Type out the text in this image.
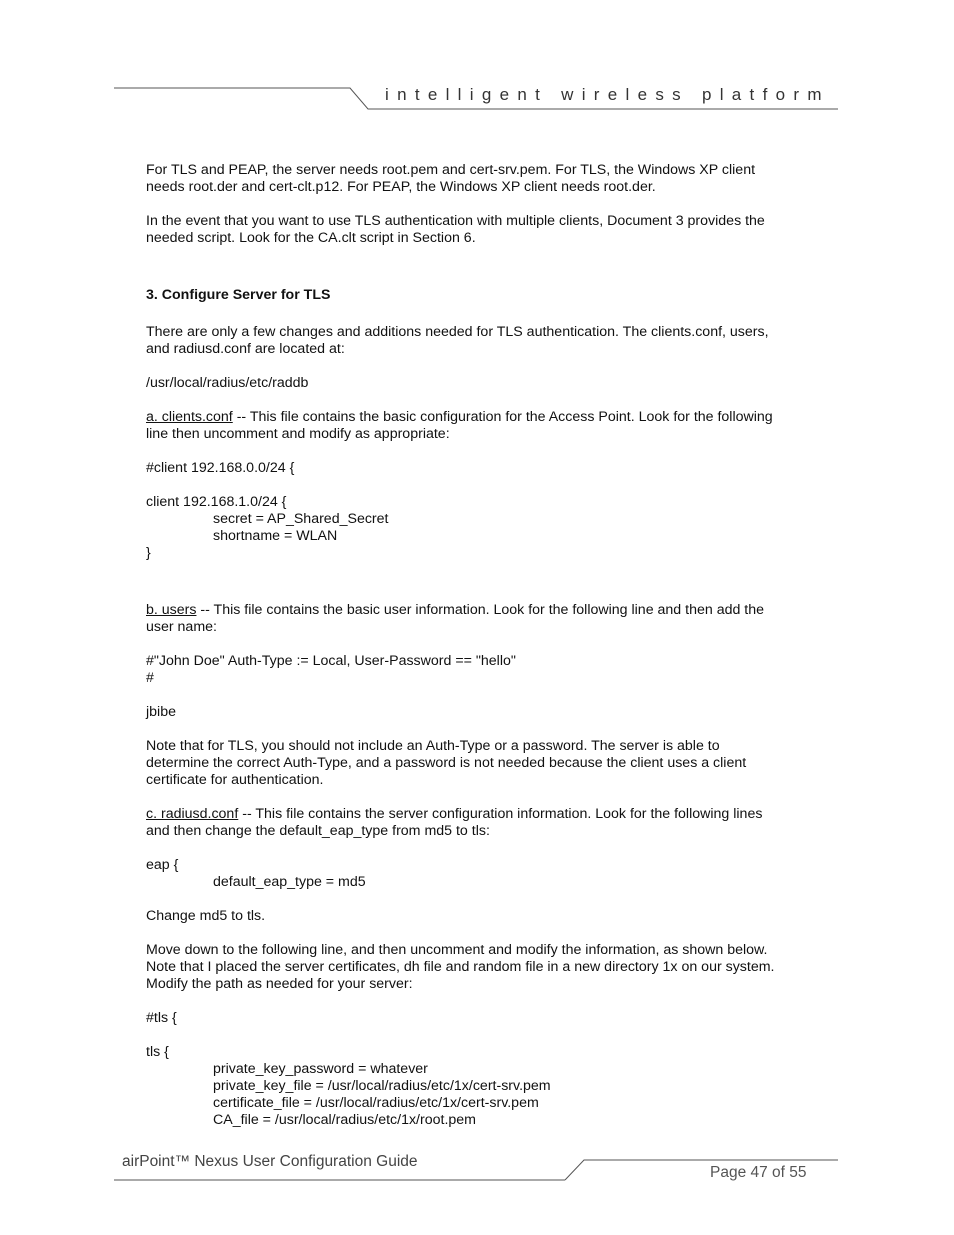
intelligent wireless platform

For TLS and PEAP, the server needs root.pem and cert-srv.pem. For TLS, the Windows XP client

needs root.der and cert-clt.p12. For PEAP, the Windows XP client needs root.der.

In the event that you want to use TLS authentication with multiple clients, Document 3 provides the

needed script. Look for the CA.clt script in Section 6.

3. Configure Server for TLS

There are only a few changes and additions needed for TLS authentication. The clients.conf, users,

and radiusd.conf are located at:

/usr/local/radius/etc/raddb

a. clients.conf -- This file contains the basic configuration for the Access Point. Look for the following

line then uncomment and modify as appropriate:

#client 192.168.0.0/24 {

client 192.168.1.0/24 {

secret = AP_Shared_Secret

shortname = WLAN

}

b. users -- This file contains the basic user information. Look for the following line and then add the

user name:

#"John Doe" Auth-Type := Local, User-Password == "hello"

#

jbibe

Note that for TLS, you should not include an Auth-Type or a password. The server is able to

determine the correct Auth-Type, and a password is not needed because the client uses a client

certificate for authentication.

c. radiusd.conf -- This file contains the server configuration information. Look for the following lines

and then change the default_eap_type from md5 to tls:

eap {

default_eap_type = md5

Change md5 to tls.

Move down to the following line, and then uncomment and modify the information, as shown below.

Note that I placed the server certificates, dh file and random file in a new directory 1x on our system.

Modify the path as needed for your server:

#tls {

tls {

private_key_password = whatever

private_key_file = /usr/local/radius/etc/1x/cert-srv.pem

certificate_file = /usr/local/radius/etc/1x/cert-srv.pem

CA_file = /usr/local/radius/etc/1x/root.pem

airPoint™ Nexus User Configuration Guide
Page 47 of 55
